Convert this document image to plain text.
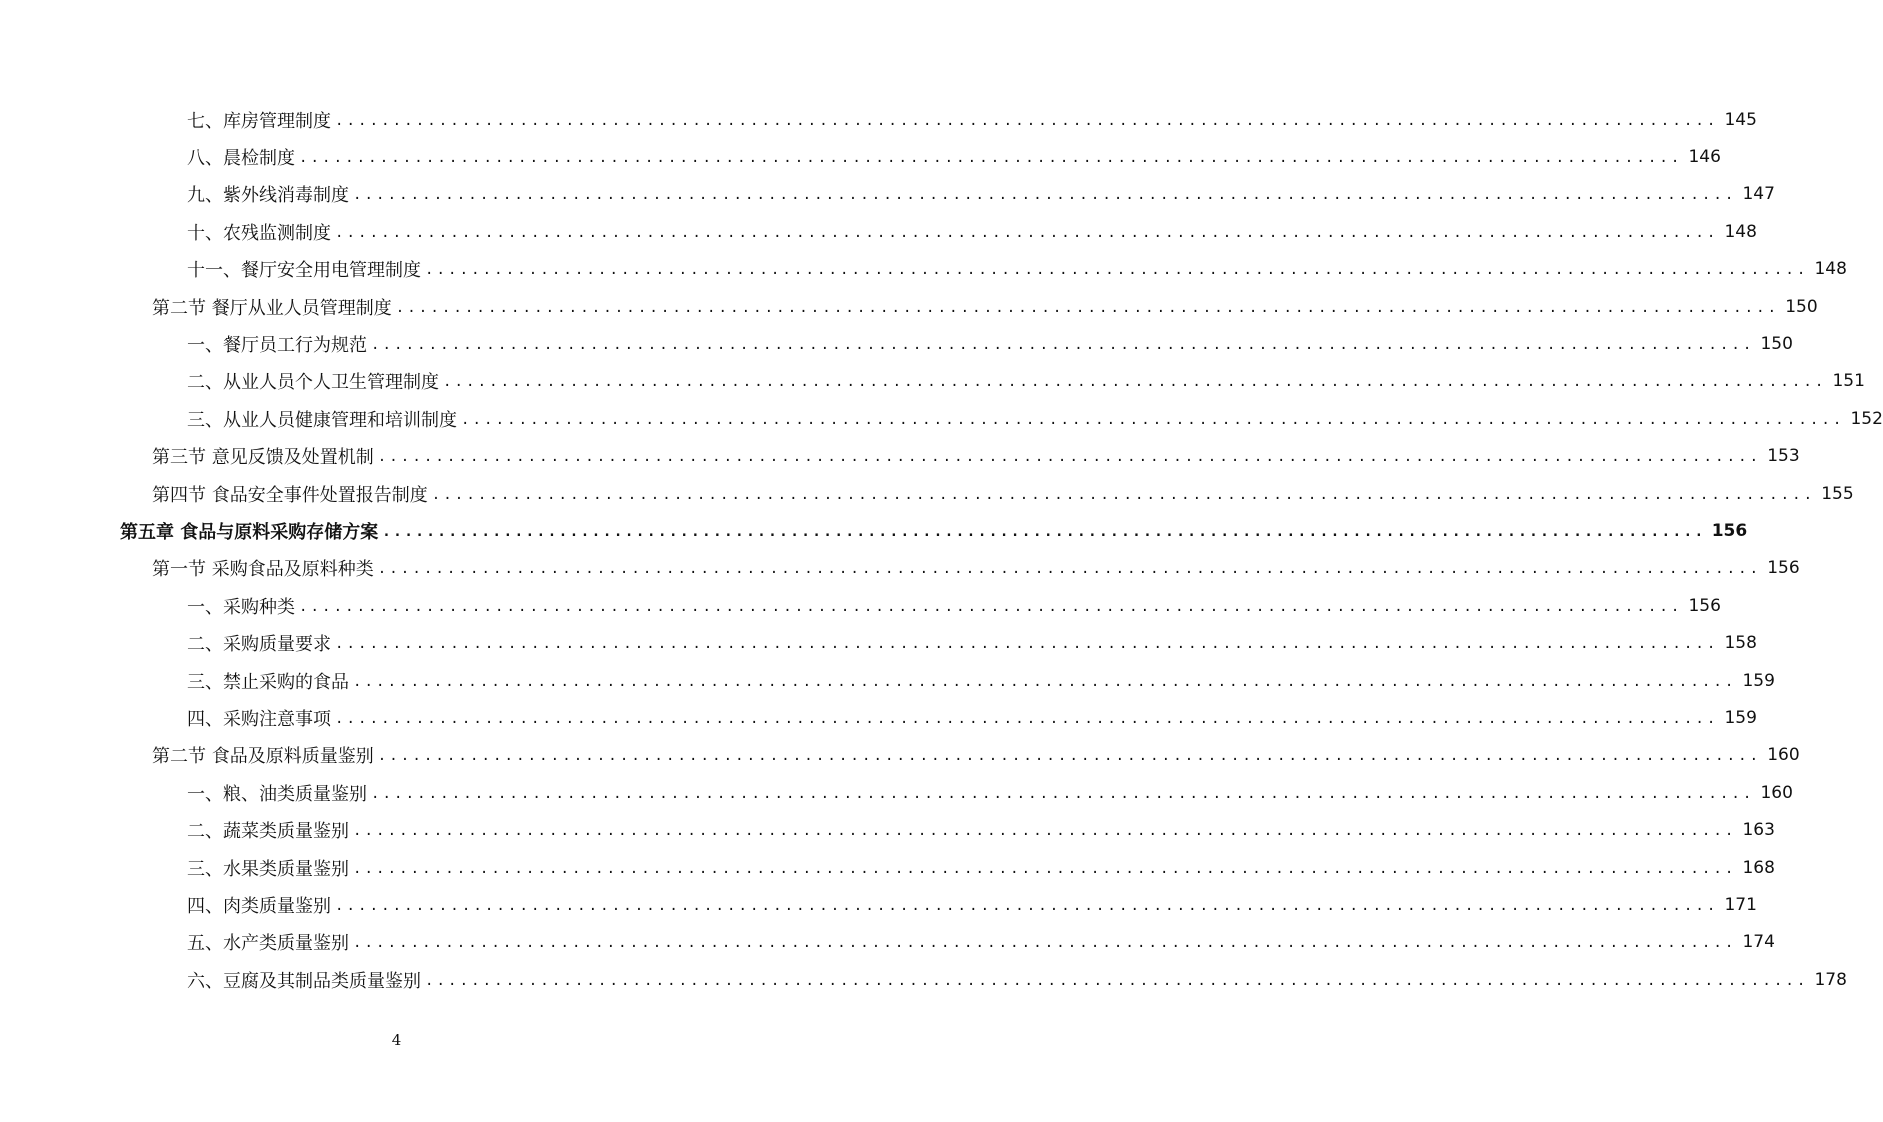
七、库房管理制度 ........................................................................................................................ 145
八、晨检制度 ........................................................................................................................ 146
九、紫外线消毒制度 ........................................................................................................................ 147
十、农残监测制度 ........................................................................................................................ 148
十一、餐厅安全用电管理制度 ........................................................................................................................ 148
第二节 餐厅从业人员管理制度 ........................................................................................................................ 150
一、餐厅员工行为规范 ........................................................................................................................ 150
二、从业人员个人卫生管理制度 ........................................................................................................................ 151
三、从业人员健康管理和培训制度 ........................................................................................................................ 152
第三节 意见反馈及处置机制 ........................................................................................................................ 153
第四节 食品安全事件处置报告制度 ........................................................................................................................ 155
第五章 食品与原料采购存储方案 ........................................................................................................................ 156
第一节 采购食品及原料种类 ........................................................................................................................ 156
一、采购种类 ........................................................................................................................ 156
二、采购质量要求 ........................................................................................................................ 158
三、禁止采购的食品 ........................................................................................................................ 159
四、采购注意事项 ........................................................................................................................ 159
第二节 食品及原料质量鉴别 ........................................................................................................................ 160
一、粮、油类质量鉴别 ........................................................................................................................ 160
二、蔬菜类质量鉴别 ........................................................................................................................ 163
三、水果类质量鉴别 ........................................................................................................................ 168
四、肉类质量鉴别 ........................................................................................................................ 171
五、水产类质量鉴别 ........................................................................................................................ 174
六、豆腐及其制品类质量鉴别 ........................................................................................................................ 178
4
